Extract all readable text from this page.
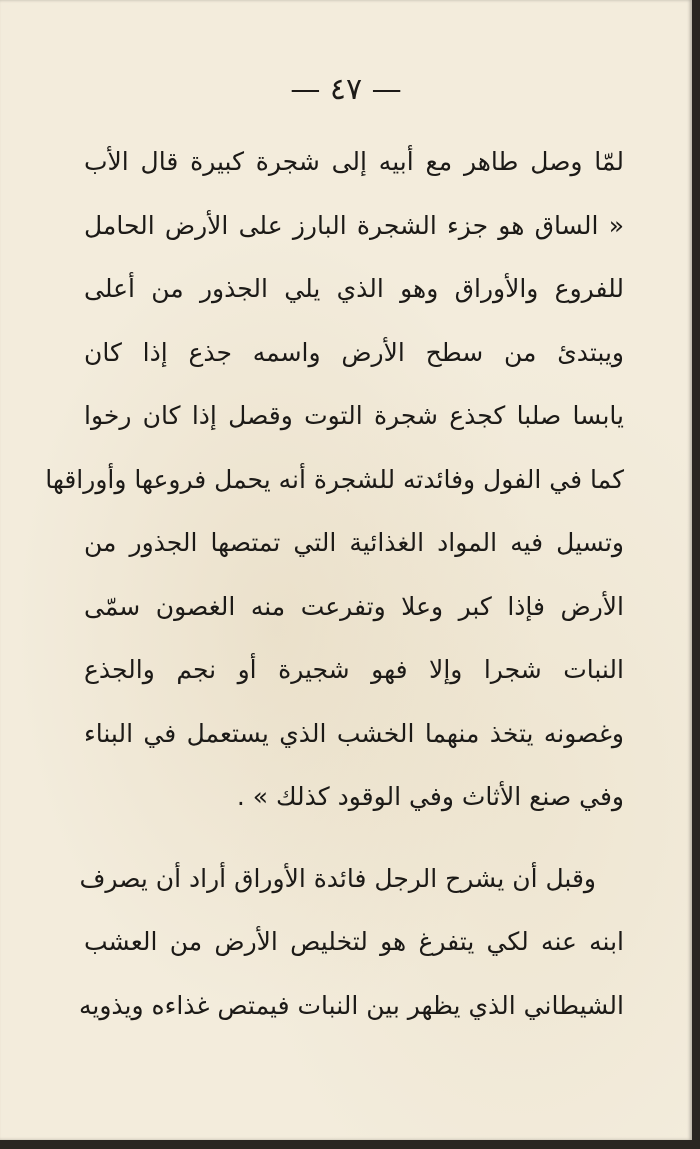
— ٤٧ —
لمّا وصل طاهر مع أبيه إلى شجرة كبيرة قال الأب
« الساق هو جزء الشجرة البارز على الأرض الحامل
للفروع والأوراق وهو الذي يلي الجذور من أعلى
ويبتدئ من سطح الأرض واسمه جذع إذا كان
يابسا صلبا كجذع شجرة التوت وقصل إذا كان رخوا
كما في الفول وفائدته للشجرة أنه يحمل فروعها وأوراقها
وتسيل فيه المواد الغذائية التي تمتصها الجذور من
الأرض فإذا كبر وعلا وتفرعت منه الغصون سمّى
النبات شجرا وإلا فهو شجيرة أو نجم والجذع
وغصونه يتخذ منهما الخشب الذي يستعمل في البناء
وفي صنع الأثاث وفي الوقود كذلك » .
وقبل أن يشرح الرجل فائدة الأوراق أراد أن يصرف
ابنه عنه لكي يتفرغ هو لتخليص الأرض من العشب
الشيطاني الذي يظهر بين النبات فيمتص غذاءه ويذويه
